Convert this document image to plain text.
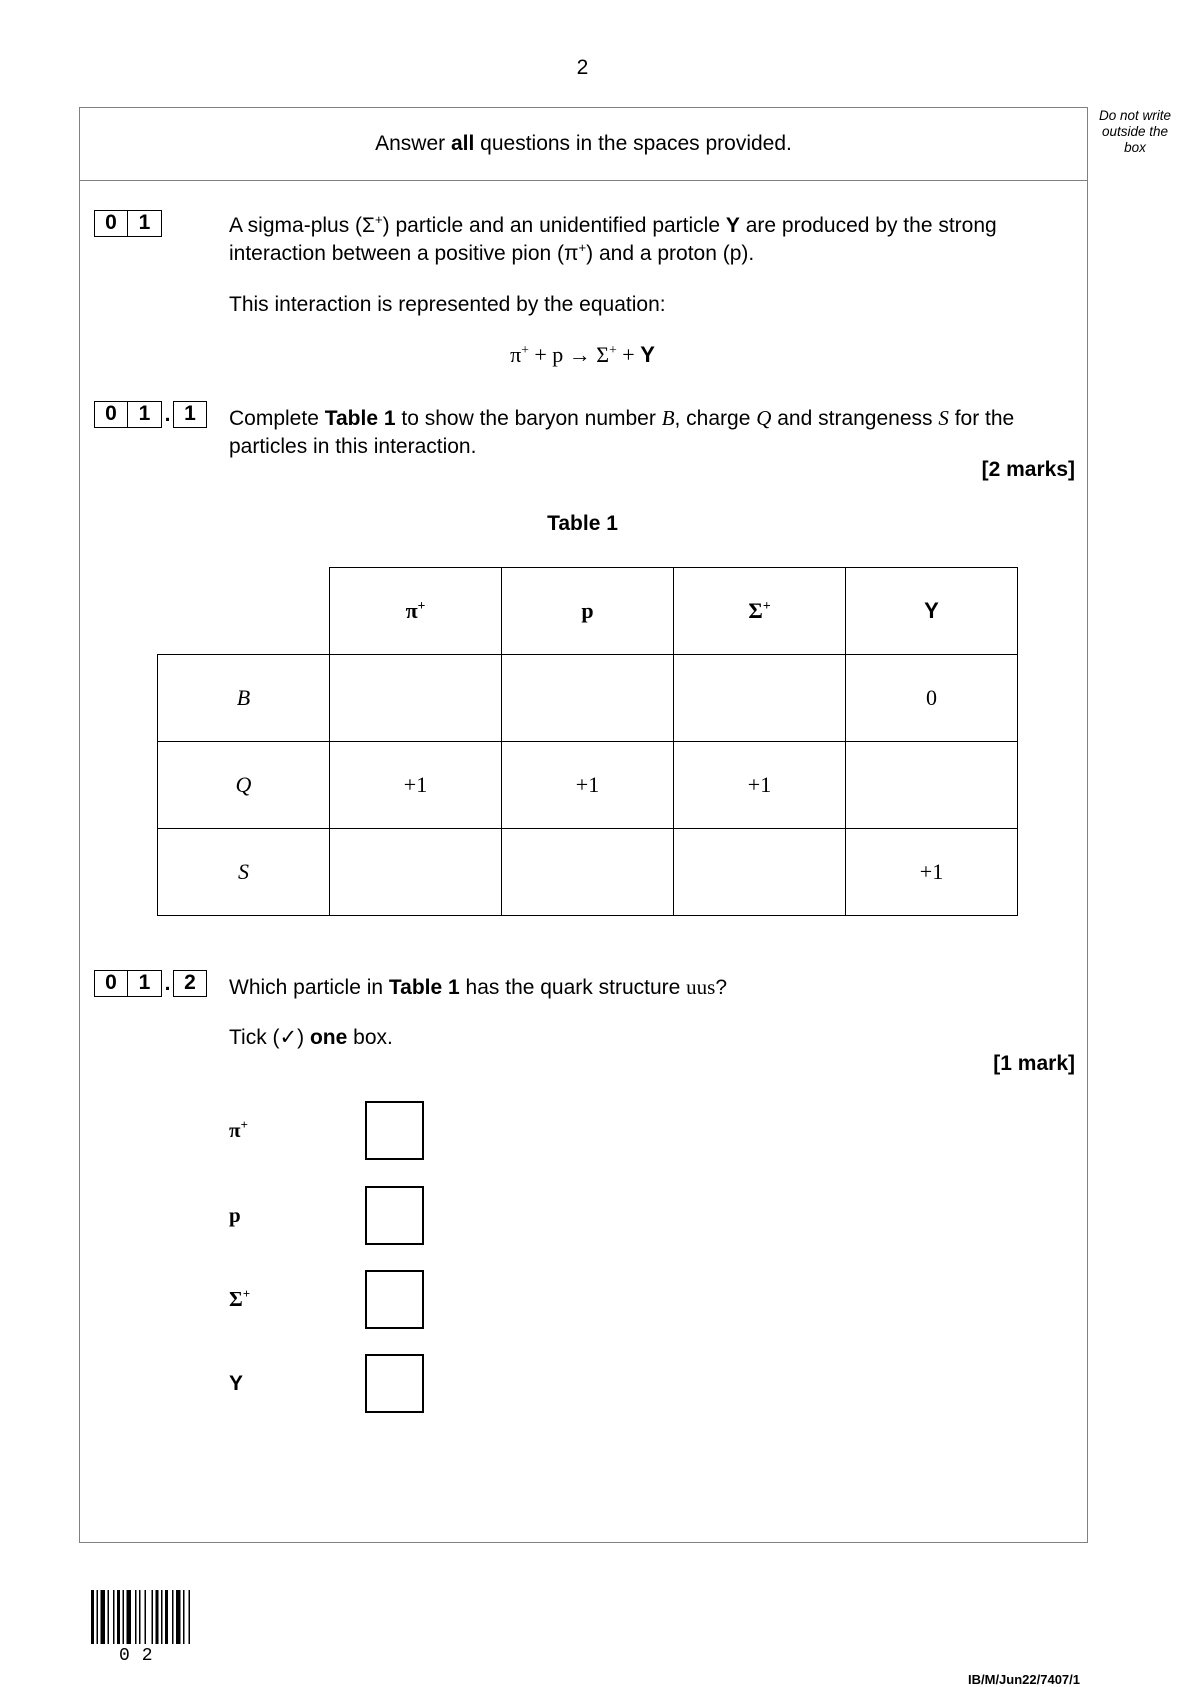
2
Do not write outside the box
Answer all questions in the spaces provided.
0	1	A sigma-plus (Σ+) particle and an unidentified particle Y are produced by the strong
interaction between a positive pion (π+) and a proton (p).
This interaction is represented by the equation:
π+ + p → Σ+ + Y
0	1 . 1	Complete Table 1 to show the baryon number B, charge Q and strangeness S for the
particles in this interaction.
[2 marks]
Table 1
	π+	p	Σ+	Y
B				0
Q	+1	+1	+1	
S				+1
0	1 . 2	Which particle in Table 1 has the quark structure uus?
Tick (✓) one box.
[1 mark]
π+
p
Σ+
Y
02
IB/M/Jun22/7407/1
